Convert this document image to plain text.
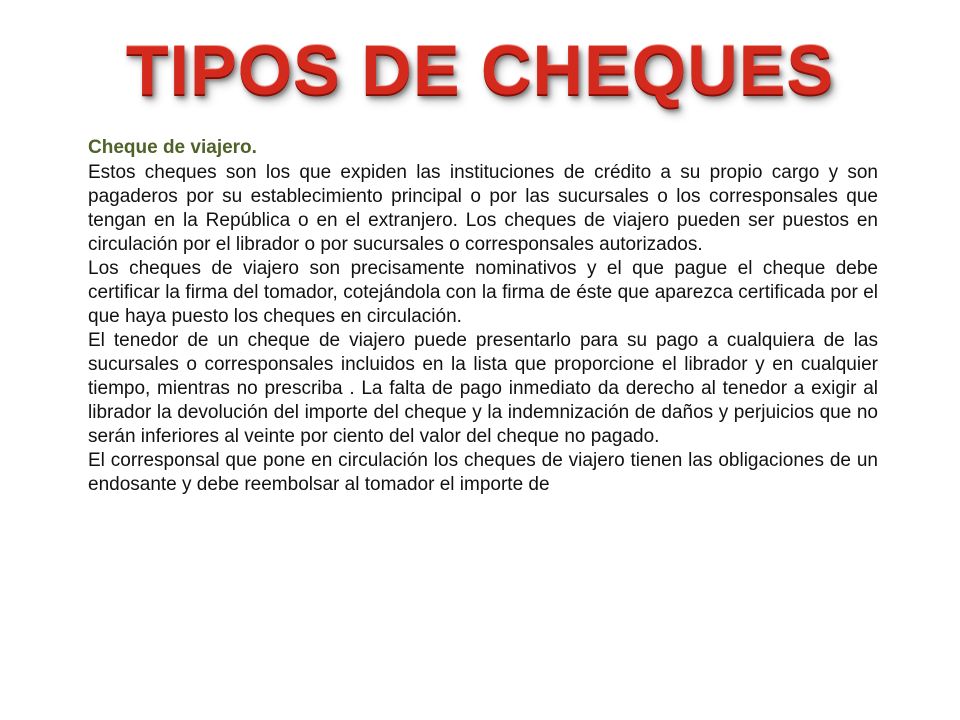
TIPOS DE CHEQUES

Cheque de viajero.

Estos cheques son los que expiden las instituciones de crédito a su propio cargo y son pagaderos por su establecimiento principal o por las sucursales o los corresponsales que tengan en la República o en el extranjero. Los cheques de viajero pueden ser puestos en circulación por el librador o por sucursales o corresponsales autorizados.

Los cheques de viajero son precisamente nominativos y el que pague el cheque debe certificar la firma del tomador, cotejándola con la firma de éste que aparezca certificada por el que haya puesto los cheques en circulación.

El tenedor de un cheque de viajero puede presentarlo para su pago a cualquiera de las sucursales o corresponsales incluidos en la lista que proporcione el librador y en cualquier tiempo, mientras no prescriba . La falta de pago inmediato da derecho al tenedor a exigir al librador la devolución del importe del cheque y la indemnización de daños y perjuicios que no serán inferiores al veinte por ciento del valor del cheque no pagado.

El corresponsal que pone en circulación los cheques de viajero tienen las obligaciones de un endosante y debe reembolsar al tomador el importe de
